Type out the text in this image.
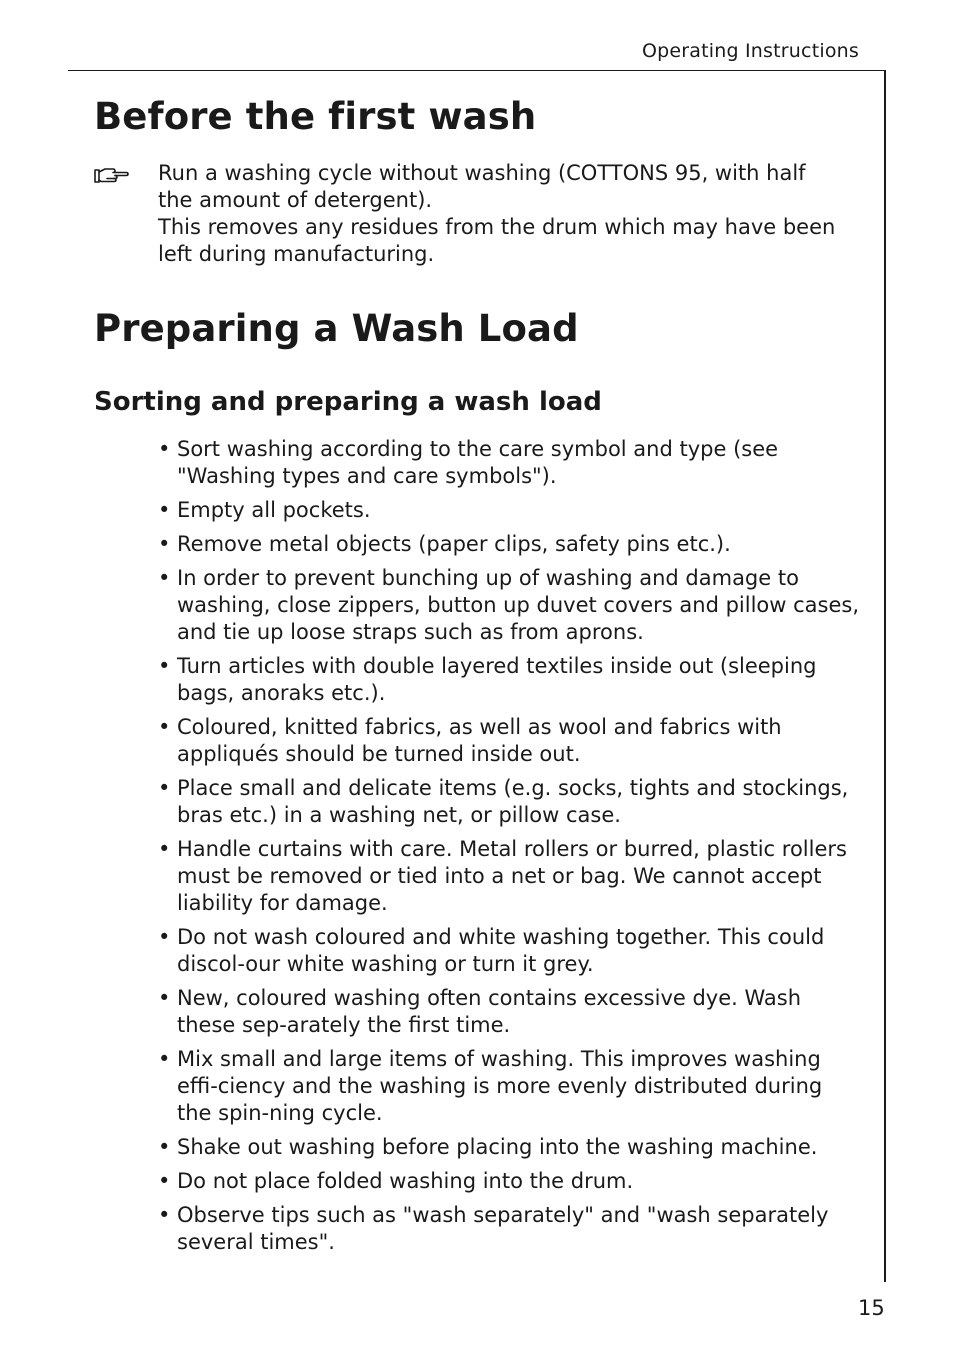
Operating Instructions
Before the first wash

Run a washing cycle without washing (COTTONS 95, with half the amount of detergent).

This removes any residues from the drum which may have been left during manufacturing.

Preparing a Wash Load
Sorting and preparing a wash load
• Sort washing according to the care symbol and type (see "Washing types and care symbols").
• Empty all pockets.
• Remove metal objects (paper clips, safety pins etc.).
• In order to prevent bunching up of washing and damage to washing, close zippers, button up duvet covers and pillow cases, and tie up loose straps such as from aprons.
• Turn articles with double layered textiles inside out (sleeping bags, anoraks etc.).
• Coloured, knitted fabrics, as well as wool and fabrics with appliqués should be turned inside out.
• Place small and delicate items (e.g. socks, tights and stockings, bras etc.) in a washing net, or pillow case.
• Handle curtains with care. Metal rollers or burred, plastic rollers must be removed or tied into a net or bag. We cannot accept liability for damage.
• Do not wash coloured and white washing together. This could discol-our white washing or turn it grey.
• New, coloured washing often contains excessive dye. Wash these sep-arately the first time.
• Mix small and large items of washing. This improves washing effi-ciency and the washing is more evenly distributed during the spin-ning cycle.
• Shake out washing before placing into the washing machine.
• Do not place folded washing into the drum.
• Observe tips such as "wash separately" and "wash separately several times".
15
